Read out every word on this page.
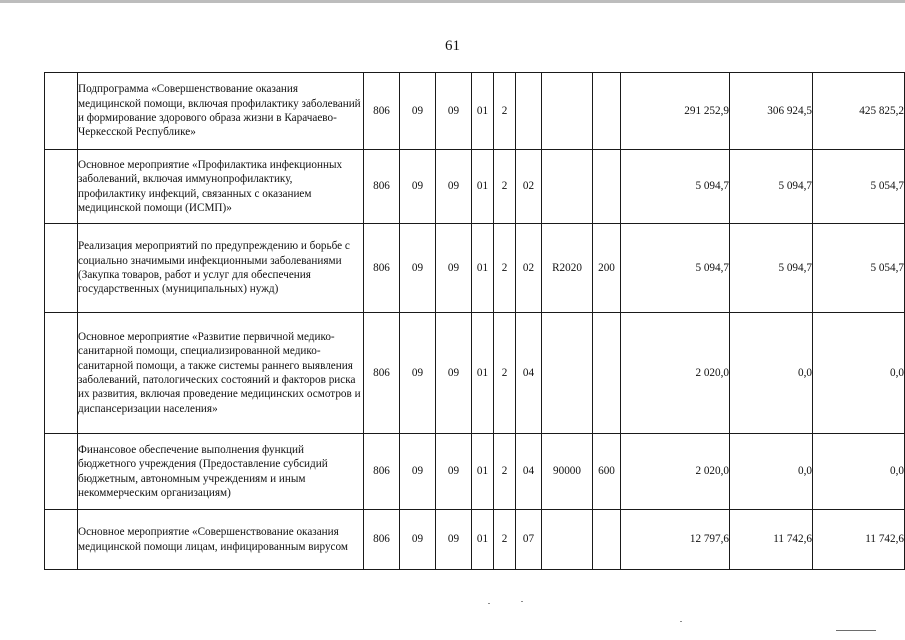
61
	Подпрограмма «Совершенствование оказания медицинской помощи, включая профилактику заболеваний и формирование здорового образа жизни в Карачаево-Черкесской Республике»	806	09	09	01	2				291 252,9	306 924,5	425 825,2
	Основное мероприятие «Профилактика инфекционных заболеваний, включая иммунопрофилактику, профилактику инфекций, связанных с оказанием медицинской помощи (ИСМП)»	806	09	09	01	2	02			5 094,7	5 094,7	5 054,7
	Реализация мероприятий по предупреждению и борьбе с социально значимыми инфекционными заболеваниями (Закупка товаров, работ и услуг для обеспечения государственных (муниципальных) нужд)	806	09	09	01	2	02	R2020	200	5 094,7	5 094,7	5 054,7
	Основное мероприятие «Развитие первичной медико-санитарной помощи, специализированной медико-санитарной помощи, а также системы раннего выявления заболеваний, патологических состояний и факторов риска их развития, включая проведение медицинских осмотров и диспансеризации населения»	806	09	09	01	2	04			2 020,0	0,0	0,0
	Финансовое обеспечение выполнения функций бюджетного учреждения (Предоставление субсидий бюджетным, автономным учреждениям и иным некоммерческим организациям)	806	09	09	01	2	04	90000	600	2 020,0	0,0	0,0
	Основное мероприятие «Совершенствование оказания медицинской помощи лицам, инфицированным вирусом	806	09	09	01	2	07			12 797,6	11 742,6	11 742,6
